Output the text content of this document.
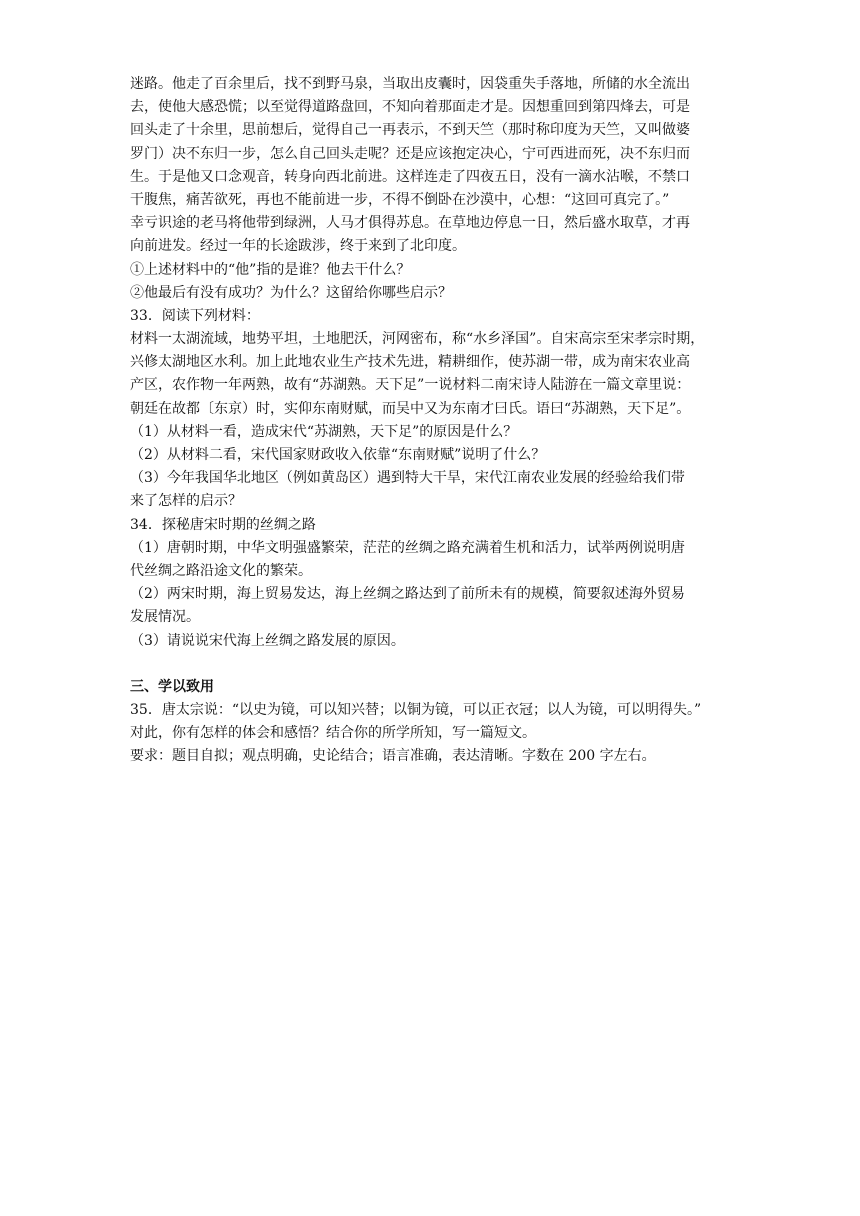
迷路。他走了百余里后，找不到野马泉，当取出皮囊时，因袋重失手落地，所储的水全流出
去，使他大感恐慌；以至觉得道路盘回，不知向着那面走才是。因想重回到第四烽去，可是
回头走了十余里，思前想后，觉得自己一再表示，不到天竺（那时称印度为天竺，又叫做婆
罗门）决不东归一步，怎么自己回头走呢？还是应该抱定决心，宁可西进而死，决不东归而
生。于是他又口念观音，转身向西北前进。这样连走了四夜五日，没有一滴水沾喉，不禁口
干腹焦，痛苦欲死，再也不能前进一步，不得不倒卧在沙漠中，心想：“这回可真完了。”
幸亏识途的老马将他带到绿洲，人马才俱得苏息。在草地边停息一日，然后盛水取草，才再
向前进发。经过一年的长途跋涉，终于来到了北印度。
①上述材料中的“他”指的是谁？他去干什么？
②他最后有没有成功？为什么？这留给你哪些启示？
33．阅读下列材料：
材料一太湖流域，地势平坦，土地肥沃，河网密布，称“水乡泽国”。自宋高宗至宋孝宗时期，
兴修太湖地区水利。加上此地农业生产技术先进，精耕细作，使苏湖一带，成为南宋农业高
产区，农作物一年两熟，故有“苏湖熟。天下足”一说材料二南宋诗人陆游在一篇文章里说：
朝廷在故都〔东京）时，实仰东南财赋，而吴中又为东南才曰氏。语曰“苏湖熟，天下足”。
（1）从材料一看，造成宋代“苏湖熟，天下足”的原因是什么？
（2）从材料二看，宋代国家财政收入依靠“东南财赋”说明了什么？
（3）今年我国华北地区（例如黄岛区）遇到特大干旱，宋代江南农业发展的经验给我们带
来了怎样的启示？
34．探秘唐宋时期的丝绸之路
（1）唐朝时期，中华文明强盛繁荣，茫茫的丝绸之路充满着生机和活力，试举两例说明唐
代丝绸之路沿途文化的繁荣。
（2）两宋时期，海上贸易发达，海上丝绸之路达到了前所未有的规模，简要叙述海外贸易
发展情况。
（3）请说说宋代海上丝绸之路发展的原因。
三、学以致用
35．唐太宗说：“以史为镜，可以知兴替；以铜为镜，可以正衣冠；以人为镜，可以明得失。”
对此，你有怎样的体会和感悟？结合你的所学所知，写一篇短文。
要求：题目自拟；观点明确，史论结合；语言准确，表达清晰。字数在 200 字左右。
